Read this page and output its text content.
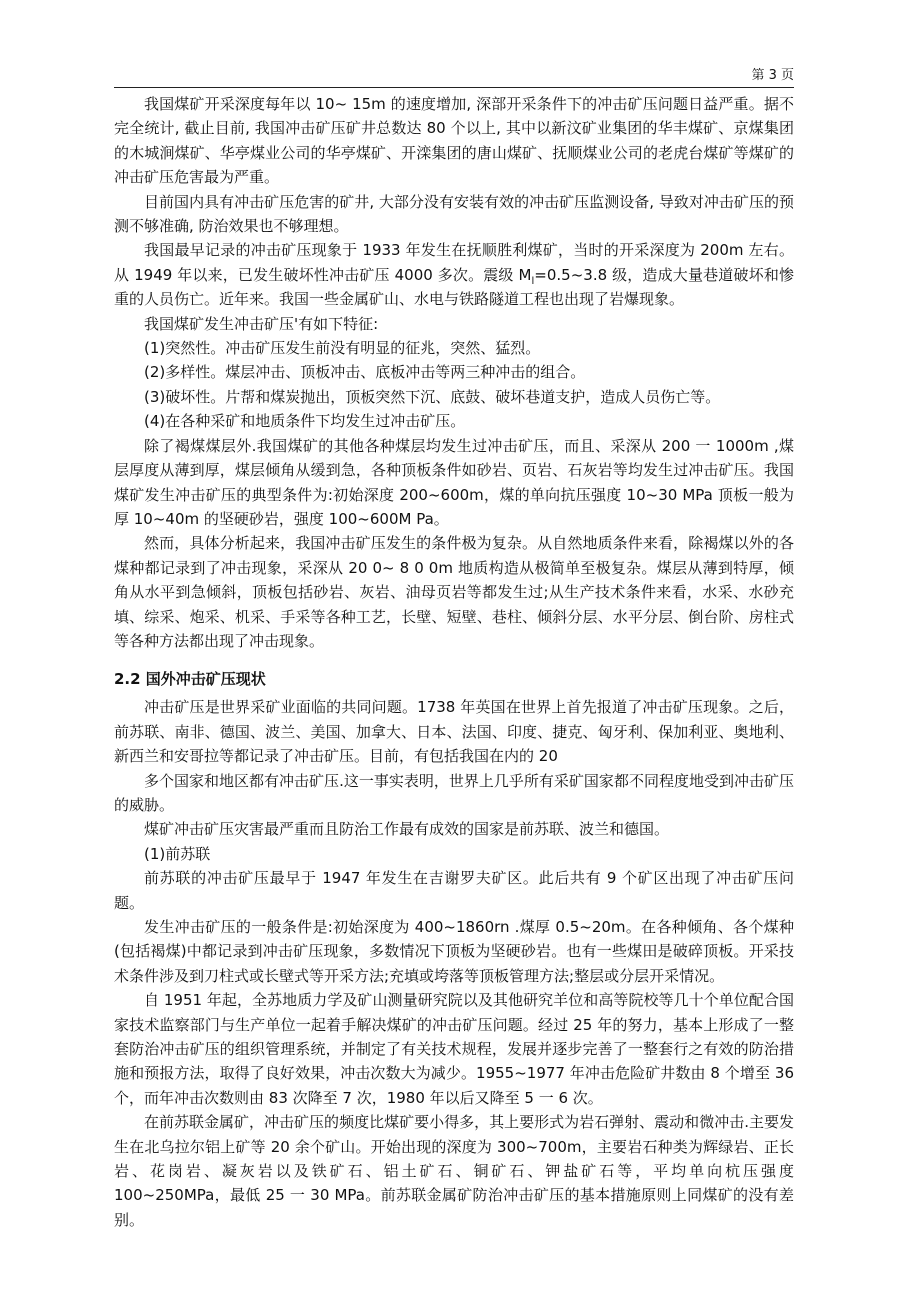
第 3 页

我国煤矿开采深度每年以 10~ 15m 的速度增加, 深部开采条件下的冲击矿压问题日益严重。据不完全统计, 截止目前, 我国冲击矿压矿井总数达 80 个以上, 其中以新汶矿业集团的华丰煤矿、京煤集团的木城涧煤矿、华亭煤业公司的华亭煤矿、开滦集团的唐山煤矿、抚顺煤业公司的老虎台煤矿等煤矿的冲击矿压危害最为严重。

目前国内具有冲击矿压危害的矿井, 大部分没有安装有效的冲击矿压监测设备, 导致对冲击矿压的预测不够准确, 防治效果也不够理想。

我国最早记录的冲击矿压现象于 1933 年发生在抚顺胜利煤矿，当时的开采深度为 200m 左右。从 1949 年以来，已发生破坏性冲击矿压 4000 多次。震级 $M_l=0.5\sim 3.8$ 级，造成大量巷道破坏和惨重的人员伤亡。近年来。我国一些金属矿山、水电与铁路隧道工程也出现了岩爆现象。

我国煤矿发生冲击矿压'有如下特征:

(1)突然性。冲击矿压发生前没有明显的征兆，突然、猛烈。

(2)多样性。煤层冲击、顶板冲击、底板冲击等两三种冲击的组合。

(3)破坏性。片帮和煤炭抛出，顶板突然下沉、底鼓、破坏巷道支护，造成人员伤亡等。

(4)在各种采矿和地质条件下均发生过冲击矿压。

除了褐煤煤层外.我国煤矿的其他各种煤层均发生过冲击矿压，而且、采深从 200 一 1000m ,煤层厚度从薄到厚，煤层倾角从缓到急，各种顶板条件如砂岩、页岩、石灰岩等均发生过冲击矿压。我国煤矿发生冲击矿压的典型条件为:初始深度 200~600m，煤的单向抗压强度 10~30 MPa 顶板一般为厚 10~40m 的坚硬砂岩，强度 100~600M Pa。

然而，具体分析起来，我国冲击矿压发生的条件极为复杂。从自然地质条件来看，除褐煤以外的各煤种都记录到了冲击现象，采深从 20 0~ 8 0 0m 地质构造从极简单至极复杂。煤层从薄到特厚，倾角从水平到急倾斜，顶板包括砂岩、灰岩、油母页岩等都发生过;从生产技术条件来看，水采、水砂充填、综采、炮采、机采、手采等各种工艺，长壁、短壁、巷柱、倾斜分层、水平分层、倒台阶、房柱式等各种方法都出现了冲击现象。

2.2 国外冲击矿压现状

冲击矿压是世界采矿业面临的共同问题。1738 年英国在世界上首先报道了冲击矿压现象。之后，前苏联、南非、德国、波兰、美国、加拿大、日本、法国、印度、捷克、匈牙利、保加利亚、奥地利、新西兰和安哥拉等都记录了冲击矿压。目前，有包括我国在内的 20

多个国家和地区都有冲击矿压.这一事实表明，世界上几乎所有采矿国家都不同程度地受到冲击矿压的威胁。

煤矿冲击矿压灾害最严重而且防治工作最有成效的国家是前苏联、波兰和德国。

(1)前苏联

前苏联的冲击矿压最早于 1947 年发生在吉谢罗夫矿区。此后共有 9 个矿区出现了冲击矿压问题。

发生冲击矿压的一般条件是:初始深度为 400~1860rn .煤厚 0.5~20m。在各种倾角、各个煤种(包括褐煤)中都记录到冲击矿压现象，多数情况下顶板为坚硬砂岩。也有一些煤田是破碎顶板。开采技术条件涉及到刀柱式或长壁式等开采方法;充填或垮落等顶板管理方法;整层或分层开采情况。

自 1951 年起，全苏地质力学及矿山测量研究院以及其他研究羊位和高等院校等几十个单位配合国家技术监察部门与生产单位一起着手解决煤矿的冲击矿压问题。经过 25 年的努力，基本上形成了一整套防治冲击矿压的组织管理系统，并制定了有关技术规程，发展并逐步完善了一整套行之有效的防治措施和预报方法，取得了良好效果，冲击次数大为减少。1955~1977 年冲击危险矿井数由 8 个增至 36 个，而年冲击次数则由 83 次降至 7 次，1980 年以后又降至 5 一 6 次。

在前苏联金属矿，冲击矿压的频度比煤矿要小得多，其上要形式为岩石弹射、震动和微冲击.主要发生在北乌拉尔铝上矿等 20 余个矿山。开始出现的深度为 300~700m，主要岩石种类为辉绿岩、正长岩、花岗岩、凝灰岩以及铁矿石、铝土矿石、铜矿石、钾盐矿石等，平均单向杭压强度 100~250MPa，最低 25 一 30 MPa。前苏联金属矿防治冲击矿压的基本措施原则上同煤矿的没有差别。
